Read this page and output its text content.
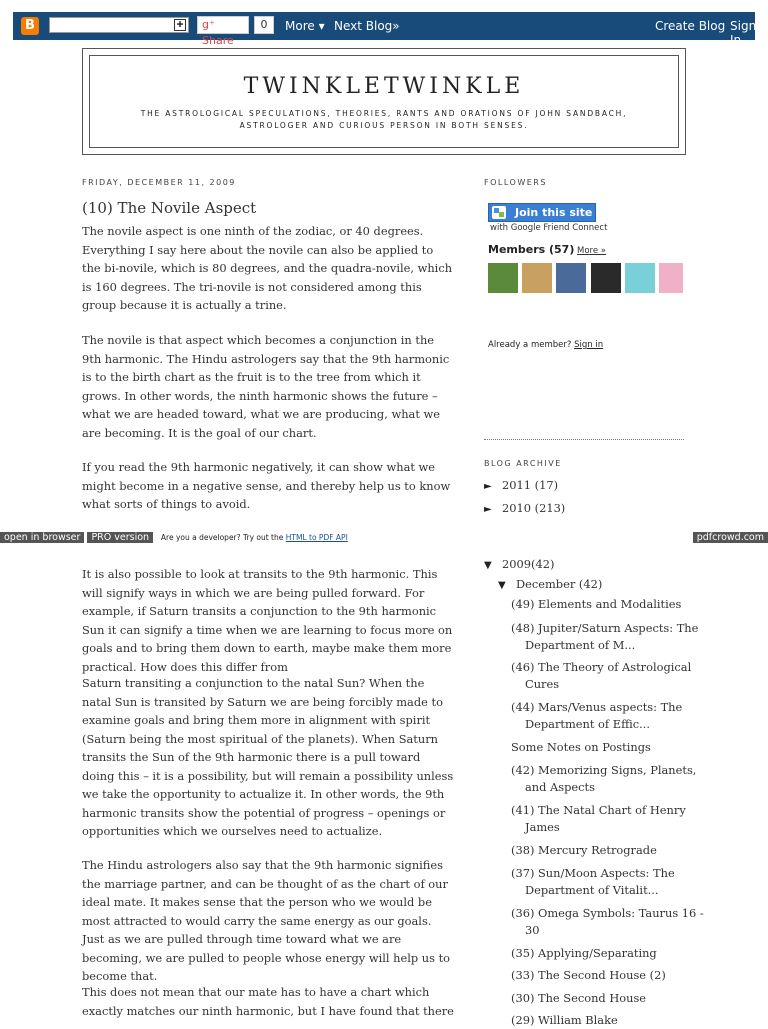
B	✚	g⁺ Share
0	More ▾ Next Blog»	Create Blog Sign In
TWINKLETWINKLE
THE ASTROLOGICAL SPECULATIONS, THEORIES, RANTS AND ORATIONS OF JOHN SANDBACH, ASTROLOGER AND CURIOUS PERSON IN BOTH SENSES.
FRIDAY, DECEMBER 11, 2009
(10) The Novile Aspect

The novile aspect is one ninth of the zodiac, or 40 degrees. Everything I say here about the novile can also be applied to the bi-novile, which is 80 degrees, and the quadra-novile, which is 160 degrees. The tri-novile is not considered among this group because it is actually a trine.

The novile is that aspect which becomes a conjunction in the 9th harmonic. The Hindu astrologers say that the 9th harmonic is to the birth chart as the fruit is to the tree from which it grows. In other words, the ninth harmonic shows the future – what we are headed toward, what we are producing, what we are becoming. It is the goal of our chart.

If you read the 9th harmonic negatively, it can show what we might become in a negative sense, and thereby help us to know what sorts of things to avoid.

It is also possible to look at transits to the 9th harmonic. This will signify ways in which we are being pulled forward. For example, if Saturn transits a conjunction to the 9th harmonic Sun it can signify a time when we are learning to focus more on goals and to bring them down to earth, maybe make them more practical. How does this differ from

Saturn transiting a conjunction to the natal Sun? When the natal Sun is transited by Saturn we are being forcibly made to examine goals and bring them more in alignment with spirit (Saturn being the most spiritual of the planets). When Saturn transits the Sun of the 9th harmonic there is a pull toward doing this – it is a possibility, but will remain a possibility unless we take the opportunity to actualize it. In other words, the 9th harmonic transits show the potential of progress – openings or opportunities which we ourselves need to actualize.

The Hindu astrologers also say that the 9th harmonic signifies the marriage partner, and can be thought of as the chart of our ideal mate. It makes sense that the person who we would be most attracted to would carry the same energy as our goals. Just as we are pulled through time toward what we are becoming, we are pulled to people whose energy will help us to become that.

This does not mean that our mate has to have a chart which exactly matches our ninth harmonic, but I have found that there

FOLLOWERS
Join this site
with Google Friend Connect
Members (57) More »
Already a member? Sign in
BLOG ARCHIVE
► 2011 (17)
► 2010 (213)
▼ 2009(42)
▼ December (42)
(49) Elements and Modalities
(48) Jupiter/Saturn Aspects: The Department of M...
(46) The Theory of Astrological Cures
(44) Mars/Venus aspects: The Department of Effic...
Some Notes on Postings
(42) Memorizing Signs, Planets, and Aspects
(41) The Natal Chart of Henry James
(38) Mercury Retrograde
(37) Sun/Moon Aspects: The Department of Vitalit...
(36) Omega Symbols: Taurus 16 - 30
(35) Applying/Separating
(33) The Second House (2)
(30) The Second House
(29) William Blake
open in browser PRO version Are you a developer? Try out the HTML to PDF API	pdfcrowd.com
